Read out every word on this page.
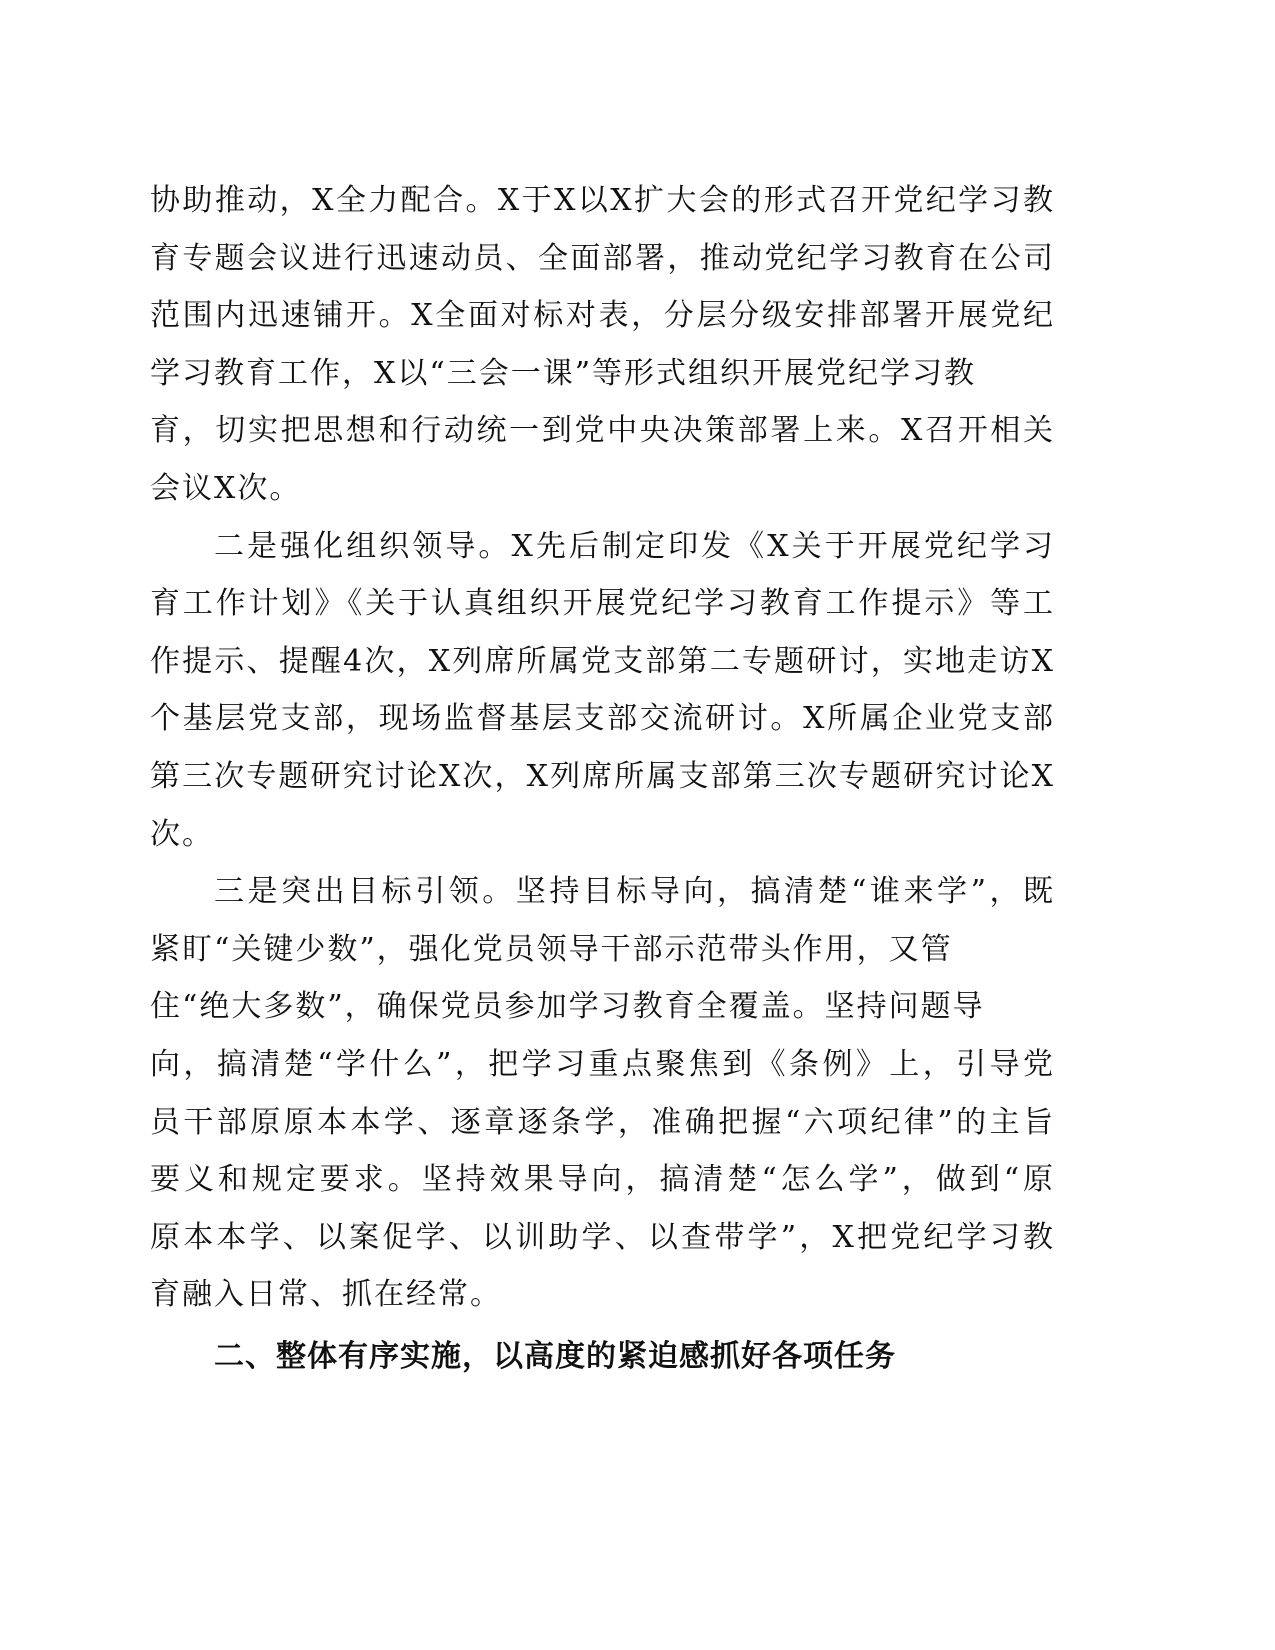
协助推动，X全力配合。X于X以X扩大会的形式召开党纪学习教
育专题会议进行迅速动员、全面部署，推动党纪学习教育在公司
范围内迅速铺开。X全面对标对表，分层分级安排部署开展党纪
学习教育工作，X以“三会一课”等形式组织开展党纪学习教
育，切实把思想和行动统一到党中央决策部署上来。X召开相关
会议X次。
二是强化组织领导。X先后制定印发《X关于开展党纪学习
育工作计划》《关于认真组织开展党纪学习教育工作提示》等工
作提示、提醒4次，X列席所属党支部第二专题研讨，实地走访X
个基层党支部，现场监督基层支部交流研讨。X所属企业党支部
第三次专题研究讨论X次，X列席所属支部第三次专题研究讨论X
次。
三是突出目标引领。坚持目标导向，搞清楚“谁来学”，既
紧盯“关键少数”，强化党员领导干部示范带头作用，又管
住“绝大多数”，确保党员参加学习教育全覆盖。坚持问题导
向，搞清楚“学什么”，把学习重点聚焦到《条例》上，引导党
员干部原原本本学、逐章逐条学，准确把握“六项纪律”的主旨
要义和规定要求。坚持效果导向，搞清楚“怎么学”，做到“原
原本本学、以案促学、以训助学、以查带学”，X把党纪学习教
育融入日常、抓在经常。
二、整体有序实施，以高度的紧迫感抓好各项任务
